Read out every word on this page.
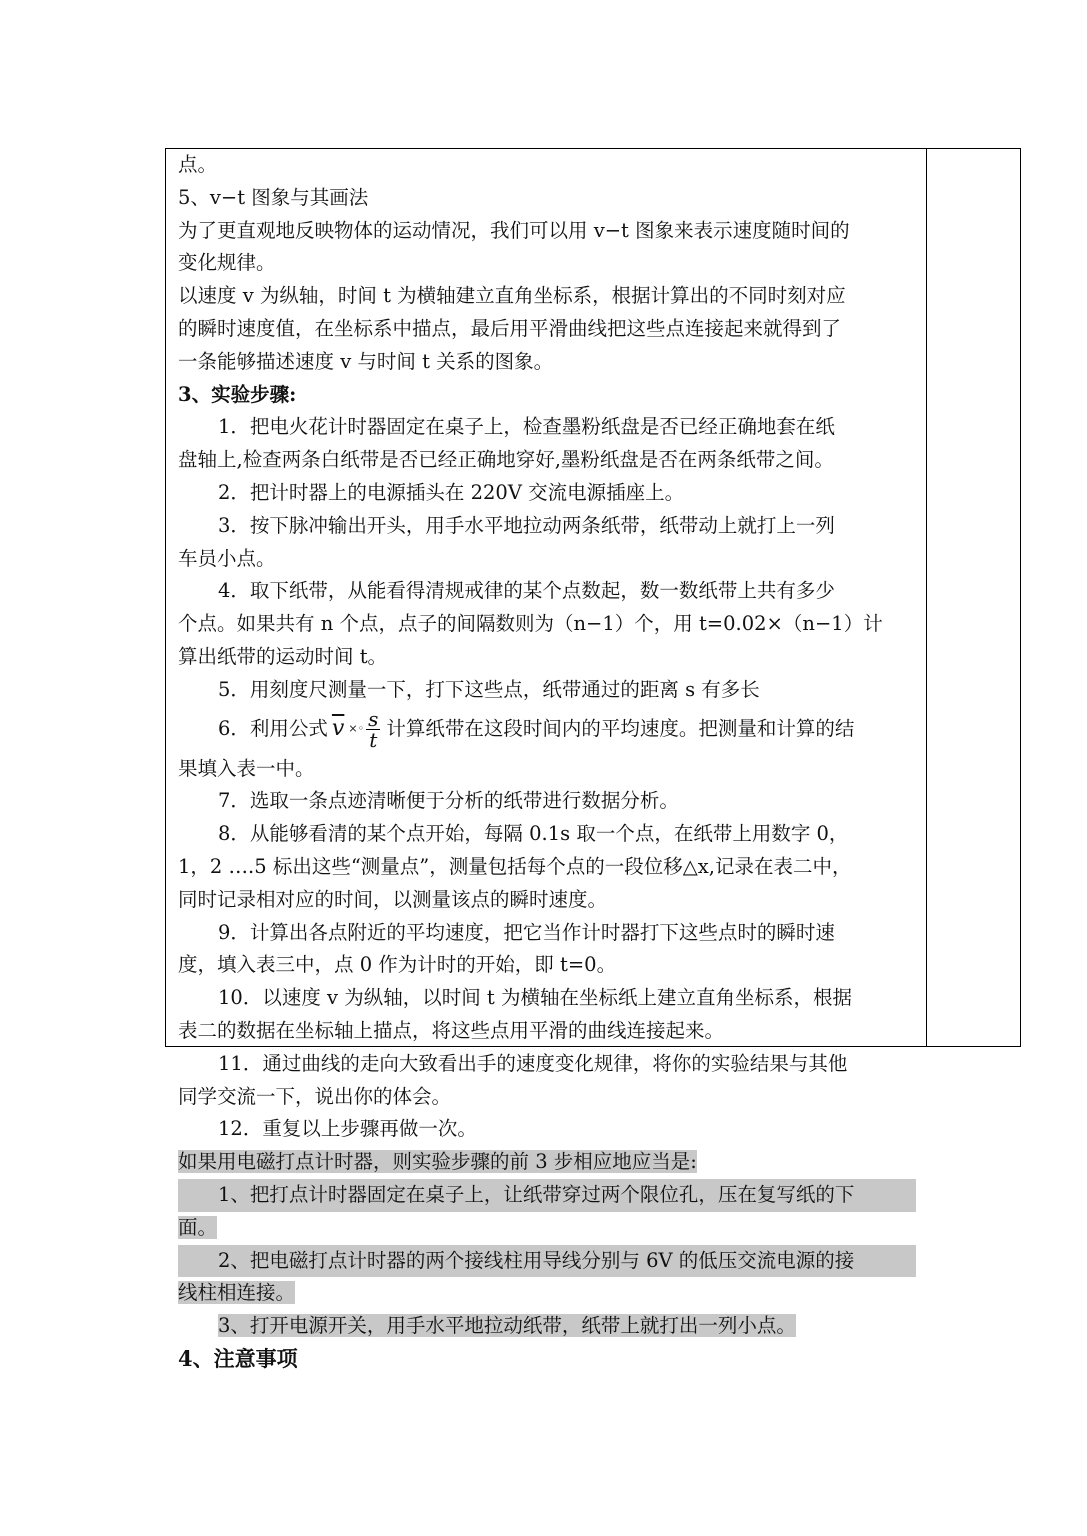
点。
5、v−t 图象与其画法
为了更直观地反映物体的运动情况，我们可以用 v−t 图象来表示速度随时间的
变化规律。
以速度 v 为纵轴，时间 t 为横轴建立直角坐标系，根据计算出的不同时刻对应
的瞬时速度值，在坐标系中描点，最后用平滑曲线把这些点连接起来就得到了
一条能够描述速度 v 与时间 t 关系的图象。
3、实验步骤:
1．把电火花计时器固定在桌子上，检查墨粉纸盘是否已经正确地套在纸
盘轴上,检查两条白纸带是否已经正确地穿好,墨粉纸盘是否在两条纸带之间。
2．把计时器上的电源插头在 220V 交流电源插座上。
3．按下脉冲输出开头，用手水平地拉动两条纸带，纸带动上就打上一列
车员小点。
4．取下纸带，从能看得清规戒律的某个点数起，数一数纸带上共有多少
个点。如果共有 n 个点，点子的间隔数则为（n−1）个，用 t=0.02×（n−1）计
算出纸带的运动时间 t。
5．用刻度尺测量一下，打下这些点，纸带通过的距离 s 有多长
6．利用公式 $\overline{v}$ ×◦ $\frac{s}{t}$ 计算纸带在这段时间内的平均速度。把测量和计算的结
果填入表一中。
7．选取一条点迹清晰便于分析的纸带进行数据分析。
8．从能够看清的某个点开始，每隔 0.1s 取一个点，在纸带上用数字 0，
1，2 ….5 标出这些“测量点”，测量包括每个点的一段位移△x,记录在表二中，
同时记录相对应的时间，以测量该点的瞬时速度。
9．计算出各点附近的平均速度，把它当作计时器打下这些点时的瞬时速
度，填入表三中，点 0 作为计时的开始，即 t=0。
10．以速度 v 为纵轴，以时间 t 为横轴在坐标纸上建立直角坐标系，根据
表二的数据在坐标轴上描点，将这些点用平滑的曲线连接起来。
11．通过曲线的走向大致看出手的速度变化规律，将你的实验结果与其他
同学交流一下，说出你的体会。
12．重复以上步骤再做一次。
如果用电磁打点计时器，则实验步骤的前 3 步相应地应当是:
1、把打点计时器固定在桌子上，让纸带穿过两个限位孔，压在复写纸的下
面。
2、把电磁打点计时器的两个接线柱用导线分别与 6V 的低压交流电源的接
线柱相连接。
3、打开电源开关，用手水平地拉动纸带，纸带上就打出一列小点。
4、注意事项
